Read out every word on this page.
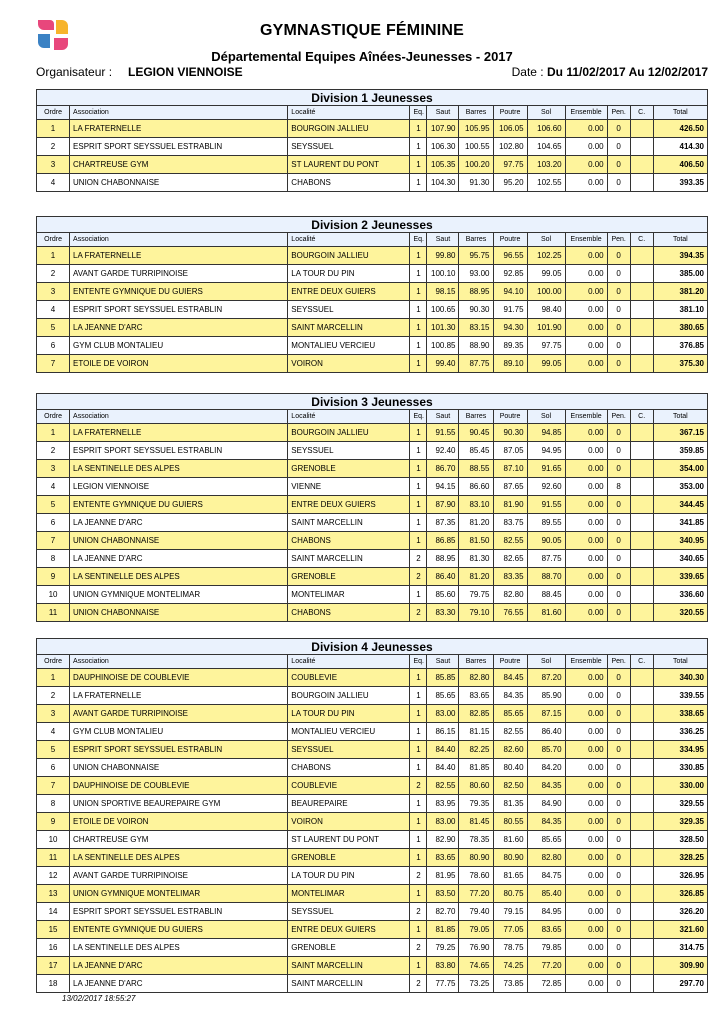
GYMNASTIQUE FÉMININE
Départemental Equipes Aînées-Jeunesses - 2017
Organisateur : LEGION VIENNOISE	Date : Du 11/02/2017 Au 12/02/2017
Division 1 Jeunesses											
Ordre	Association	Localité	Eq.	Saut	Barres	Poutre	Sol	Ensemble	Pen.	C.	Total
1	LA FRATERNELLE	BOURGOIN JALLIEU	1	107.90	105.95	106.05	106.60	0.00	0		426.50
2	ESPRIT SPORT SEYSSUEL ESTRABLIN	SEYSSUEL	1	106.30	100.55	102.80	104.65	0.00	0		414.30
3	CHARTREUSE GYM	ST LAURENT DU PONT	1	105.35	100.20	97.75	103.20	0.00	0		406.50
4	UNION CHABONNAISE	CHABONS	1	104.30	91.30	95.20	102.55	0.00	0		393.35
Division 2 Jeunesses											
Ordre	Association	Localité	Eq.	Saut	Barres	Poutre	Sol	Ensemble	Pen.	C.	Total
1	LA FRATERNELLE	BOURGOIN JALLIEU	1	99.80	95.75	96.55	102.25	0.00	0		394.35
2	AVANT GARDE TURRIPINOISE	LA TOUR DU PIN	1	100.10	93.00	92.85	99.05	0.00	0		385.00
3	ENTENTE GYMNIQUE DU GUIERS	ENTRE DEUX GUIERS	1	98.15	88.95	94.10	100.00	0.00	0		381.20
4	ESPRIT SPORT SEYSSUEL ESTRABLIN	SEYSSUEL	1	100.65	90.30	91.75	98.40	0.00	0		381.10
5	LA JEANNE D'ARC	SAINT MARCELLIN	1	101.30	83.15	94.30	101.90	0.00	0		380.65
6	GYM CLUB MONTALIEU	MONTALIEU VERCIEU	1	100.85	88.90	89.35	97.75	0.00	0		376.85
7	ETOILE DE VOIRON	VOIRON	1	99.40	87.75	89.10	99.05	0.00	0		375.30
Division 3 Jeunesses											
Ordre	Association	Localité	Eq.	Saut	Barres	Poutre	Sol	Ensemble	Pen.	C.	Total
1	LA FRATERNELLE	BOURGOIN JALLIEU	1	91.55	90.45	90.30	94.85	0.00	0		367.15
2	ESPRIT SPORT SEYSSUEL ESTRABLIN	SEYSSUEL	1	92.40	85.45	87.05	94.95	0.00	0		359.85
3	LA SENTINELLE DES ALPES	GRENOBLE	1	86.70	88.55	87.10	91.65	0.00	0		354.00
4	LEGION VIENNOISE	VIENNE	1	94.15	86.60	87.65	92.60	0.00	8		353.00
5	ENTENTE GYMNIQUE DU GUIERS	ENTRE DEUX GUIERS	1	87.90	83.10	81.90	91.55	0.00	0		344.45
6	LA JEANNE D'ARC	SAINT MARCELLIN	1	87.35	81.20	83.75	89.55	0.00	0		341.85
7	UNION CHABONNAISE	CHABONS	1	86.85	81.50	82.55	90.05	0.00	0		340.95
8	LA JEANNE D'ARC	SAINT MARCELLIN	2	88.95	81.30	82.65	87.75	0.00	0		340.65
9	LA SENTINELLE DES ALPES	GRENOBLE	2	86.40	81.20	83.35	88.70	0.00	0		339.65
10	UNION GYMNIQUE MONTELIMAR	MONTELIMAR	1	85.60	79.75	82.80	88.45	0.00	0		336.60
11	UNION CHABONNAISE	CHABONS	2	83.30	79.10	76.55	81.60	0.00	0		320.55
Division 4 Jeunesses											
Ordre	Association	Localité	Eq.	Saut	Barres	Poutre	Sol	Ensemble	Pen.	C.	Total
1	DAUPHINOISE DE COUBLEVIE	COUBLEVIE	1	85.85	82.80	84.45	87.20	0.00	0		340.30
2	LA FRATERNELLE	BOURGOIN JALLIEU	1	85.65	83.65	84.35	85.90	0.00	0		339.55
3	AVANT GARDE TURRIPINOISE	LA TOUR DU PIN	1	83.00	82.85	85.65	87.15	0.00	0		338.65
4	GYM CLUB MONTALIEU	MONTALIEU VERCIEU	1	86.15	81.15	82.55	86.40	0.00	0		336.25
5	ESPRIT SPORT SEYSSUEL ESTRABLIN	SEYSSUEL	1	84.40	82.25	82.60	85.70	0.00	0		334.95
6	UNION CHABONNAISE	CHABONS	1	84.40	81.85	80.40	84.20	0.00	0		330.85
7	DAUPHINOISE DE COUBLEVIE	COUBLEVIE	2	82.55	80.60	82.50	84.35	0.00	0		330.00
8	UNION SPORTIVE BEAUREPAIRE GYM	BEAUREPAIRE	1	83.95	79.35	81.35	84.90	0.00	0		329.55
9	ETOILE DE VOIRON	VOIRON	1	83.00	81.45	80.55	84.35	0.00	0		329.35
10	CHARTREUSE GYM	ST LAURENT DU PONT	1	82.90	78.35	81.60	85.65	0.00	0		328.50
11	LA SENTINELLE DES ALPES	GRENOBLE	1	83.65	80.90	80.90	82.80	0.00	0		328.25
12	AVANT GARDE TURRIPINOISE	LA TOUR DU PIN	2	81.95	78.60	81.65	84.75	0.00	0		326.95
13	UNION GYMNIQUE MONTELIMAR	MONTELIMAR	1	83.50	77.20	80.75	85.40	0.00	0		326.85
14	ESPRIT SPORT SEYSSUEL ESTRABLIN	SEYSSUEL	2	82.70	79.40	79.15	84.95	0.00	0		326.20
15	ENTENTE GYMNIQUE DU GUIERS	ENTRE DEUX GUIERS	1	81.85	79.05	77.05	83.65	0.00	0		321.60
16	LA SENTINELLE DES ALPES	GRENOBLE	2	79.25	76.90	78.75	79.85	0.00	0		314.75
17	LA JEANNE D'ARC	SAINT MARCELLIN	1	83.80	74.65	74.25	77.20	0.00	0		309.90
18	LA JEANNE D'ARC	SAINT MARCELLIN	2	77.75	73.25	73.85	72.85	0.00	0		297.70
13/02/2017 18:55:27
